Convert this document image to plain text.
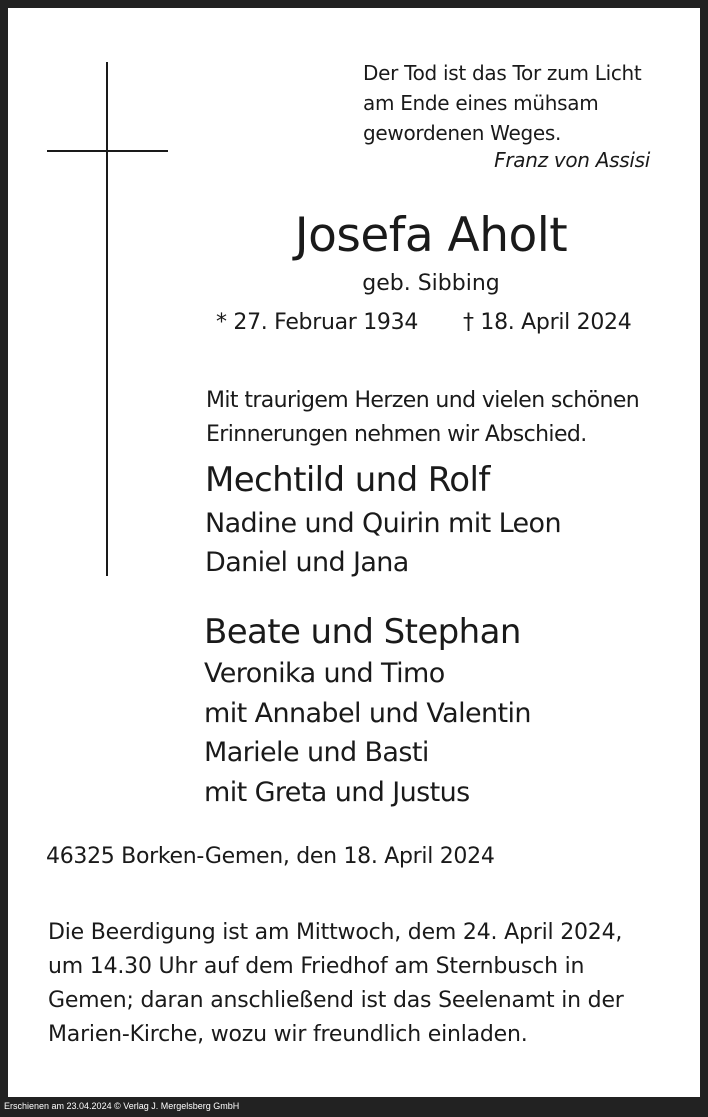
Der Tod ist das Tor zum Licht
am Ende eines mühsam
gewordenen Weges.
Franz von Assisi
Josefa Aholt
geb. Sibbing
* 27. Februar 1934 † 18. April 2024
Mit traurigem Herzen und vielen schönen
Erinnerungen nehmen wir Abschied.
Mechtild und Rolf
Nadine und Quirin mit Leon
Daniel und Jana
Beate und Stephan
Veronika und Timo
mit Annabel und Valentin
Mariele und Basti
mit Greta und Justus
46325 Borken-Gemen, den 18. April 2024
Die Beerdigung ist am Mittwoch, dem 24. April 2024,
um 14.30 Uhr auf dem Friedhof am Sternbusch in
Gemen; daran anschließend ist das Seelenamt in der
Marien-Kirche, wozu wir freundlich einladen.
Erschienen am 23.04.2024 © Verlag J. Mergelsberg GmbH
